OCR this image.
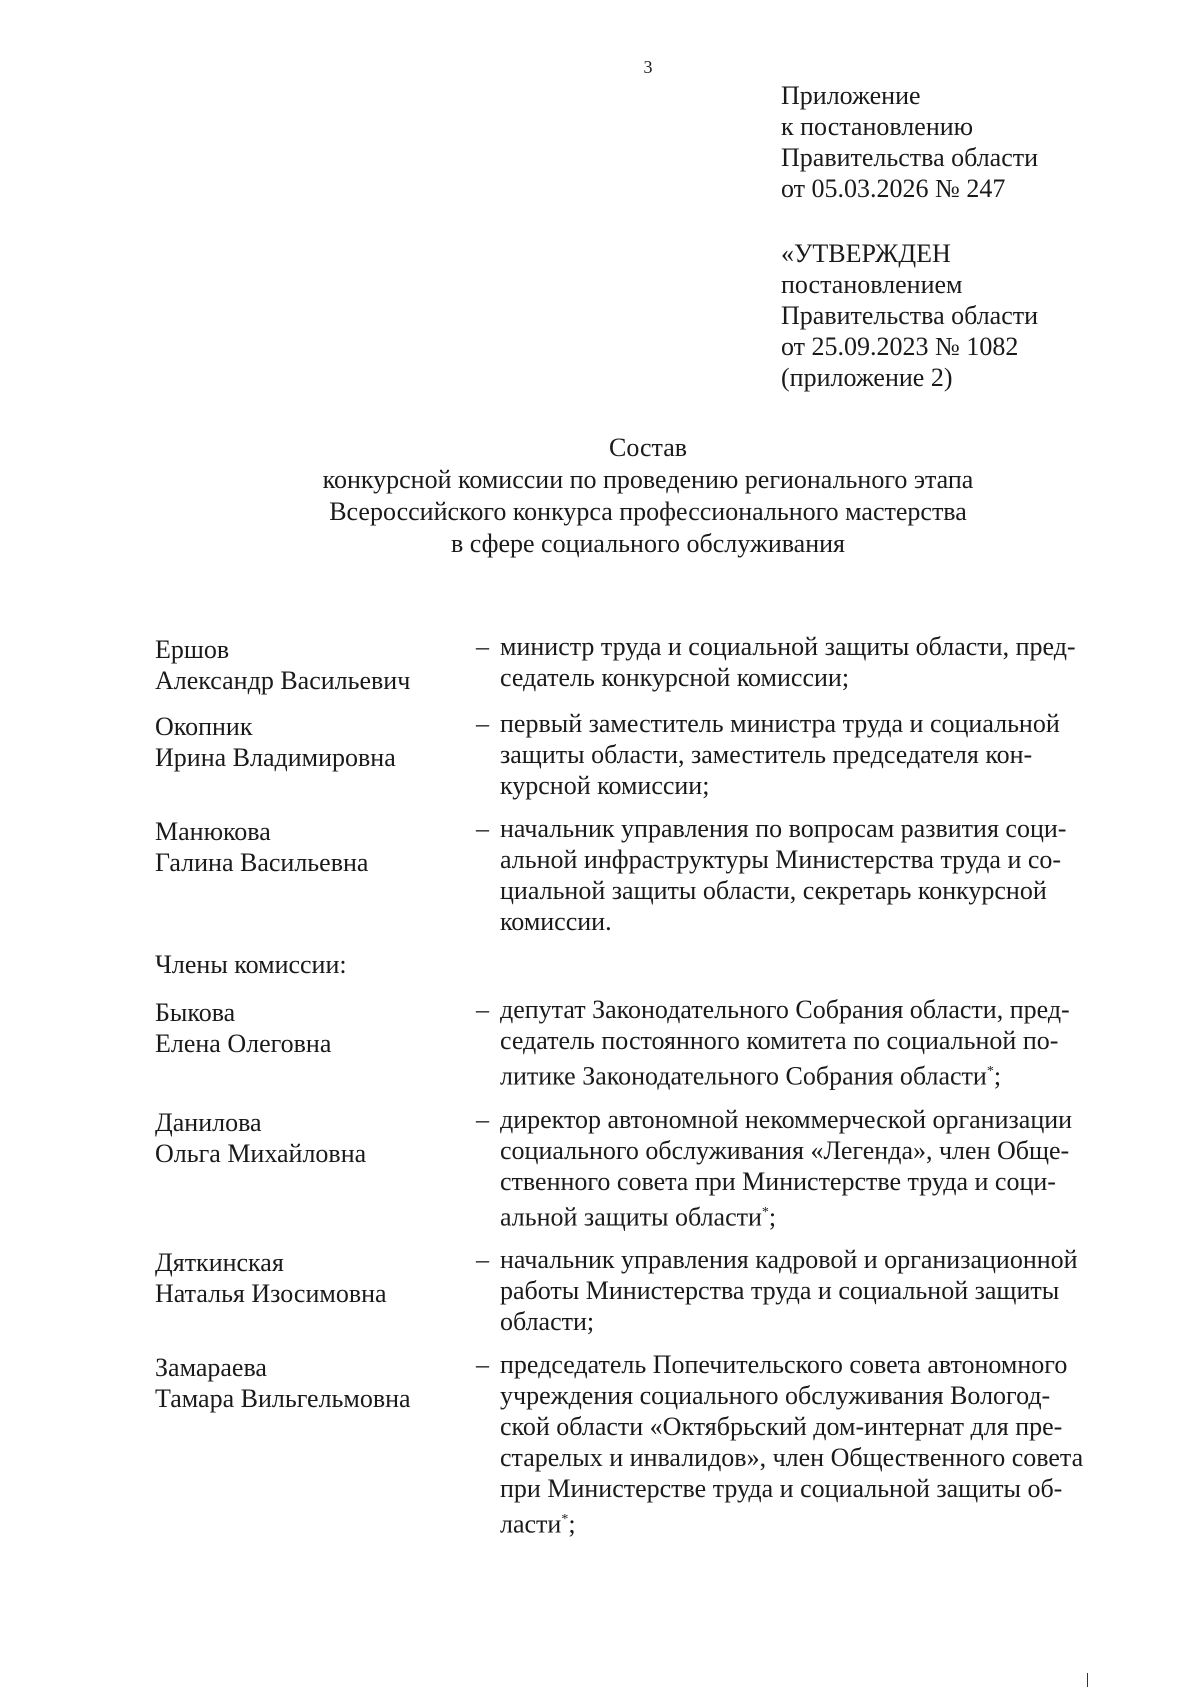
3
Приложение
к постановлению
Правительства области
от 05.03.2026 № 247
«УТВЕРЖДЕН
постановлением
Правительства области
от 25.09.2023 № 1082
(приложение 2)
Состав
конкурсной комиссии по проведению регионального этапа
Всероссийского конкурса профессионального мастерства
в сфере социального обслуживания
Ершов
Александр Васильевич
– министр труда и социальной защиты области, пред-
седатель конкурсной комиссии;
Окопник
Ирина Владимировна
– первый заместитель министра труда и социальной
защиты области, заместитель председателя кон-
курсной комиссии;
Манюкова
Галина Васильевна
– начальник управления по вопросам развития соци-
альной инфраструктуры Министерства труда и со-
циальной защиты области, секретарь конкурсной
комиссии.
Члены комиссии:
Быкова
Елена Олеговна
– депутат Законодательного Собрания области, пред-
седатель постоянного комитета по социальной по-
литике Законодательного Собрания области*;
Данилова
Ольга Михайловна
– директор автономной некоммерческой организации
социального обслуживания «Легенда», член Обще-
ственного совета при Министерстве труда и соци-
альной защиты области*;
Дяткинская
Наталья Изосимовна
– начальник управления кадровой и организационной
работы Министерства труда и социальной защиты
области;
Замараева
Тамара Вильгельмовна
– председатель Попечительского совета автономного
учреждения социального обслуживания Вологод-
ской области «Октябрьский дом-интернат для пре-
старелых и инвалидов», член Общественного совета
при Министерстве труда и социальной защиты об-
ласти*;
